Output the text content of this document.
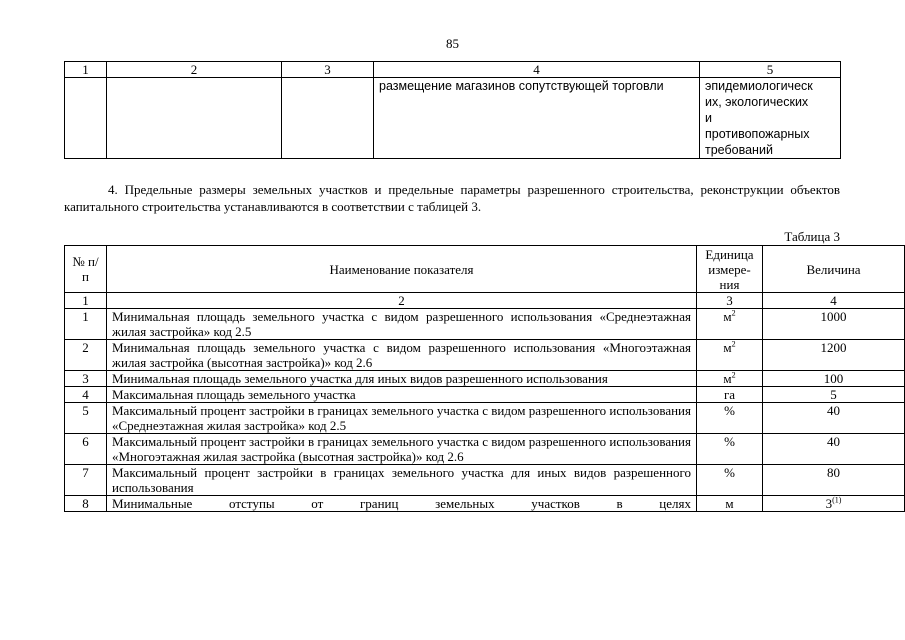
85
1	2	3	4	5
			размещение магазинов сопутствующей торговли	эпидемиологическ
их, экологических
и
противопожарных
требований
4. Предельные размеры земельных участков и предельные параметры разрешенного строительства, реконструкции объектов капитального строительства устанавливаются в соответствии с таблицей 3.
Таблица 3
№ п/п	Наименование показателя	Единица
измере-
ния	Величина
1	2	3	4
1	Минимальная площадь земельного участка с видом разрешенного использования «Среднеэтажная жилая застройка» код 2.5	$м^2$	1000
2	Минимальная площадь земельного участка с видом разрешенного использования «Многоэтажная жилая застройка (высотная застройка)» код 2.6	$м^2$	1200
3	Минимальная площадь земельного участка для иных видов разрешенного использования	$м^2$	100
4	Максимальная площадь земельного участка	га	5
5	Максимальный процент застройки в границах земельного участка с видом разрешенного использования «Среднеэтажная жилая застройка» код 2.5	%	40
6	Максимальный процент застройки в границах земельного участка с видом разрешенного использования «Многоэтажная жилая застройка (высотная застройка)» код 2.6	%	40
7	Максимальный процент застройки в границах земельного участка для иных видов разрешенного использования	%	80
8	Минимальные отступы от границ земельных участков в целях	м	3$^{(1)}$
